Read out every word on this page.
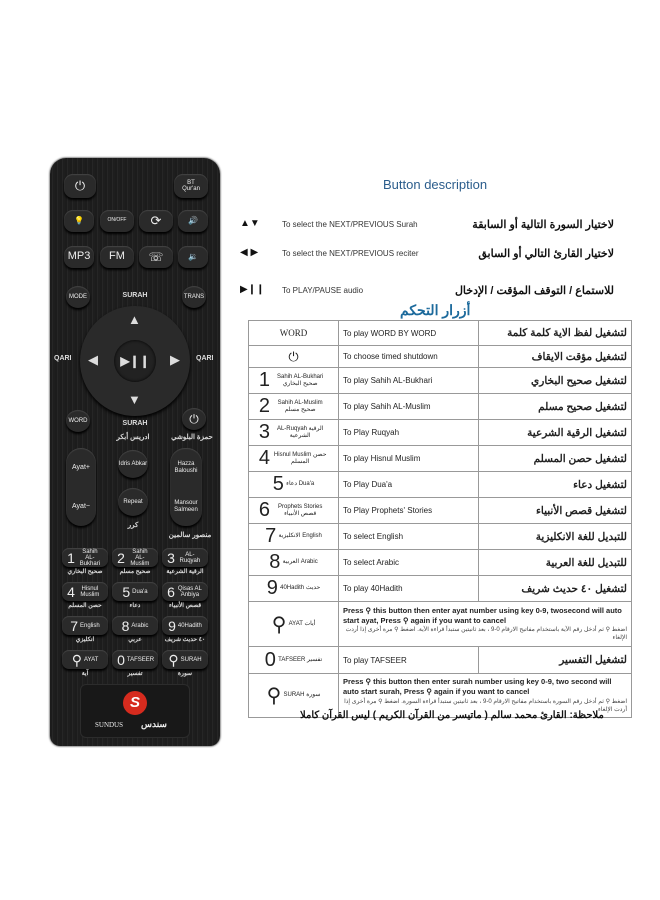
⏻	BT
Qur'an
💡	ON/OFF	⟳	🔊
MP3	FM	☏	🔉
MODE	SURAH	TRANS
QARI	QARI
▲
▼
◀	▶
▶❙❙
WORD	SURAH	⏻
ادريس أبكر	حمزة البلوشي
Ayat+
Ayat−
Idris Abkar
Repeat
Hazza Baloushi
Mansour Salmeen
كرر
منصور سالمين
1	Sahih AL-Bukhari
صحيح البخاري
2	Sahih AL-Muslim
صحيح مسلم
3	AL-Ruqyah
الرقية الشرعية
4	Hisnul Muslim
حصن المسلم
5 Dua'a
دعاء
6 Qisas AL Anbiya
قصص الأنبياء
7 English
انكليزي
8 Arabic
عربي
9 40Hadith
٤٠ حديث شريف
⚲ AYAT
آية
0 TAFSEER
تفسير
⚲ SURAH
سورة
S
SUNDUS سندس
Button description
▲▼	To select the NEXT/PREVIOUS Surah	لاختيار السورة التالية أو السابقة
◀ ▶	To select the NEXT/PREVIOUS reciter	لاختيار القارئ التالي أو السابق
▶❙❙ To PLAY/PAUSE audio	للاستماع / التوقف المؤقت / الإدخال
أزرار التحكم
WORD	To play WORD BY WORD	لتشغيل لفظ الاية كلمة كلمة
⏻	To choose timed shutdown	لتشغيل مؤقت الايقاف
1 Sahih AL-Bukhari صحيح البخاري	To play Sahih AL-Bukhari	لتشغيل صحيح البخاري
2 Sahih AL-Muslim صحيح مسلم	To play Sahih AL-Muslim	لتشغيل صحيح مسلم
3 AL-Ruqyah الرقية الشرعية	To Play Ruqyah	لتشغيل الرقية الشرعية
4 Hisnul Muslim حصن المسلم	To play Hisnul Muslim	لتشغيل حصن المسلم
5 دعاء Dua'a	To Play Dua'a	لتشغيل دعاء
6 Prophets Stories قصص الأنبياء	To Play Prophets' Stories	لتشغيل قصص الأنبياء
7 الانكليزية English	To select English	للتبديل للغة الانكليزية
8 العربية Arabic	To select Arabic	للتبديل للغة العربية
9 40Hadith حديث	To play 40Hadith	لتشغيل ٤٠ حديث شريف
⚲ AYAT أيات	Press ⚲ this button then enter ayat number using key 0-9, twosecond will auto start ayat, Press ⚲ again if you want to cancel
اضغط ⚲ ثم أدخل رقم الآية باستخدام مفاتيح الارقام 0-9 ، بعد ثانيتين ستبدأ قراءة الآية. اضغط ⚲ مرة أخرى إذا أردت الإلغاء	

0 TAFSEER تفسير	To play TAFSEER	لتشغيل التفسير
⚲ SURAH سورة	Press ⚲ this button then enter surah number using key 0-9, two second will auto start surah, Press ⚲ again if you want to cancel
اضغط ⚲ ثم أدخل رقم السورة باستخدام مفاتيح الارقام 0-9 ، بعد ثانيتين ستبدأ قراءة السورة. اضغط ⚲ مرة أخرى إذا أردت الإلغاء	
ملاحظة: القارئ محمد سالم ( ماتيسر من القرآن الكريم ) ليس القرآن كاملا
